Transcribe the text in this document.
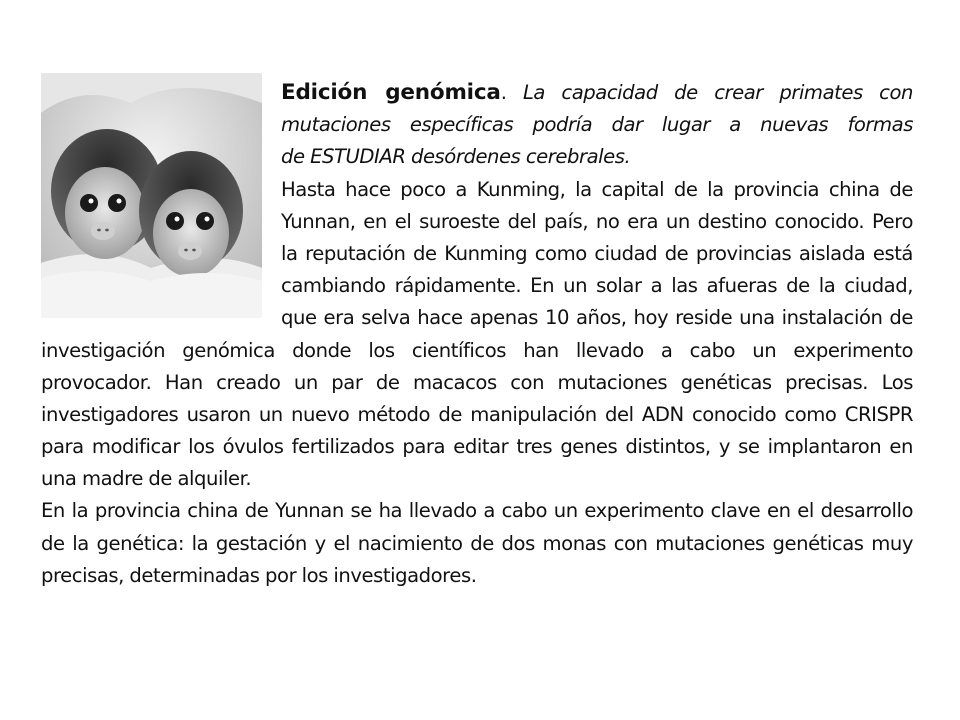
Edición genómica. La capacidad de crear primates con
mutaciones específicas podría dar lugar a nuevas formas
de ESTUDIAR desórdenes cerebrales.
Hasta hace poco a Kunming, la capital de la provincia china de
Yunnan, en el suroeste del país, no era un destino conocido. Pero
la reputación de Kunming como ciudad de provincias aislada está
cambiando rápidamente. En un solar a las afueras de la ciudad,
que era selva hace apenas 10 años, hoy reside una instalación de
investigación genómica donde los científicos han llevado a cabo un experimento
provocador. Han creado un par de macacos con mutaciones genéticas precisas. Los
investigadores usaron un nuevo método de manipulación del ADN conocido como CRISPR
para modificar los óvulos fertilizados para editar tres genes distintos, y se implantaron en
una madre de alquiler.
En la provincia china de Yunnan se ha llevado a cabo un experimento clave en el desarrollo
de la genética: la gestación y el nacimiento de dos monas con mutaciones genéticas muy
precisas, determinadas por los investigadores.
